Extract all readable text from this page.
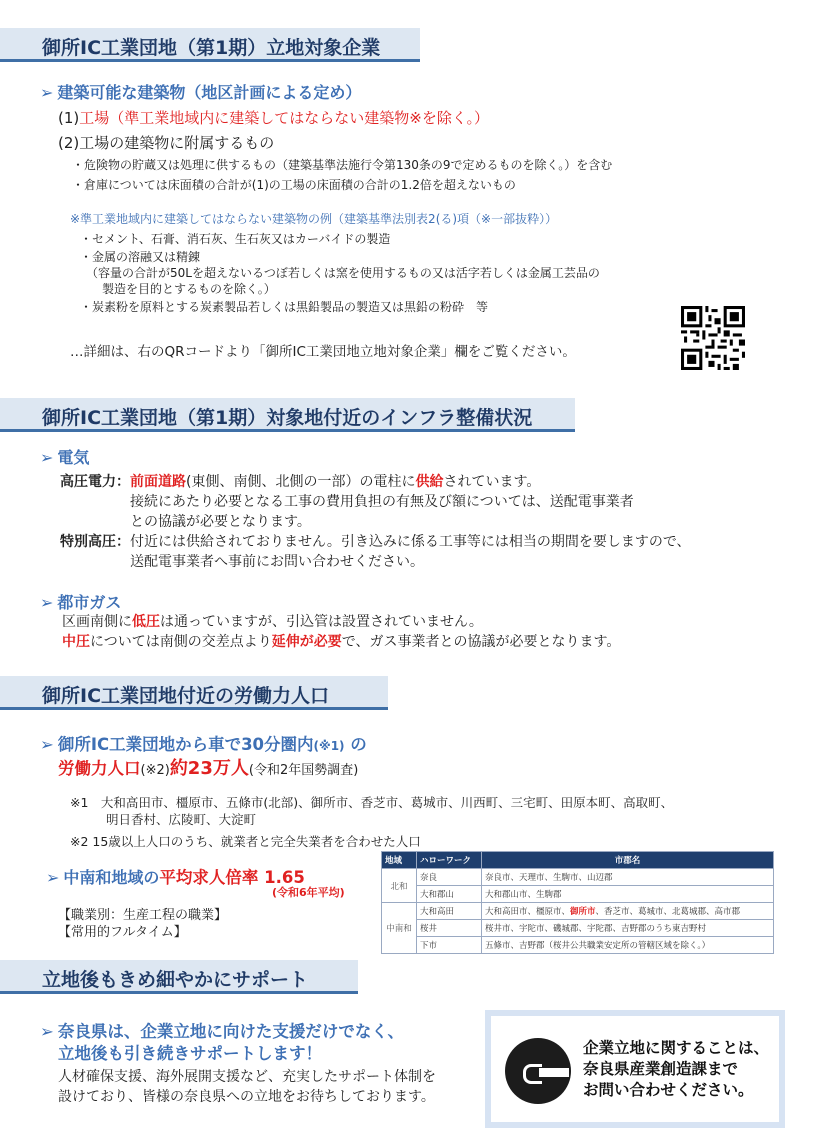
御所IC工業団地（第1期）立地対象企業
➢ 建築可能な建築物（地区計画による定め）
(1)工場（準工業地域内に建築してはならない建築物※を除く。）
(2)工場の建築物に附属するもの
・危険物の貯蔵又は処理に供するもの（建築基準法施行令第130条の9で定めるものを除く。）を含む
・倉庫については床面積の合計が(1)の工場の床面積の合計の1.2倍を超えないもの
※準工業地域内に建築してはならない建築物の例（建築基準法別表2(る)項（※一部抜粋））
・セメント、石膏、消石灰、生石灰又はカーバイドの製造
・金属の溶融又は精錬
（容量の合計が50Lを超えないるつぼ若しくは窯を使用するもの又は活字若しくは金属工芸品の
製造を目的とするものを除く。）
・炭素粉を原料とする炭素製品若しくは黒鉛製品の製造又は黒鉛の粉砕　等
…詳細は、右のQRコードより「御所IC工業団地立地対象企業」欄をご覧ください。
御所IC工業団地（第1期）対象地付近のインフラ整備状況
➢ 電気
高圧電力：前面道路(東側、南側、北側の一部）の電柱に供給されています。
接続にあたり必要となる工事の費用負担の有無及び額については、送配電事業者
との協議が必要となります。
特別高圧：付近には供給されておりません。引き込みに係る工事等には相当の期間を要しますので、
送配電事業者へ事前にお問い合わせください。
➢ 都市ガス
区画南側に低圧は通っていますが、引込管は設置されていません。
中圧については南側の交差点より延伸が必要で、ガス事業者との協議が必要となります。
御所IC工業団地付近の労働力人口
➢ 御所IC工業団地から車で30分圏内(※1) の
労働力人口(※2)約23万人(令和2年国勢調査)
※1　大和高田市、橿原市、五條市(北部)、御所市、香芝市、葛城市、川西町、三宅町、田原本町、高取町、
明日香村、広陵町、大淀町
※2 15歳以上人口のうち、就業者と完全失業者を合わせた人口
➢ 中南和地域の平均求人倍率 1.65
(令和6年平均)
【職業別：生産工程の職業】
【常用的フルタイム】
地域	ハローワーク	市郡名
北和	奈良	奈良市、天理市、生駒市、山辺郡
	大和郡山	大和郡山市、生駒郡
中南和	大和高田	大和高田市、橿原市、御所市、香芝市、葛城市、北葛城郡、高市郡
	桜井	桜井市、宇陀市、磯城郡、宇陀郡、吉野郡のうち東吉野村
	下市	五條市、吉野郡（桜井公共職業安定所の管轄区域を除く。）
立地後もきめ細やかにサポート
➢ 奈良県は、企業立地に向けた支援だけでなく、
立地後も引き続きサポートします！
人材確保支援、海外展開支援など、充実したサポート体制を
設けており、皆様の奈良県への立地をお待ちしております。
企業立地に関することは、
奈良県産業創造課まで
お問い合わせください。
